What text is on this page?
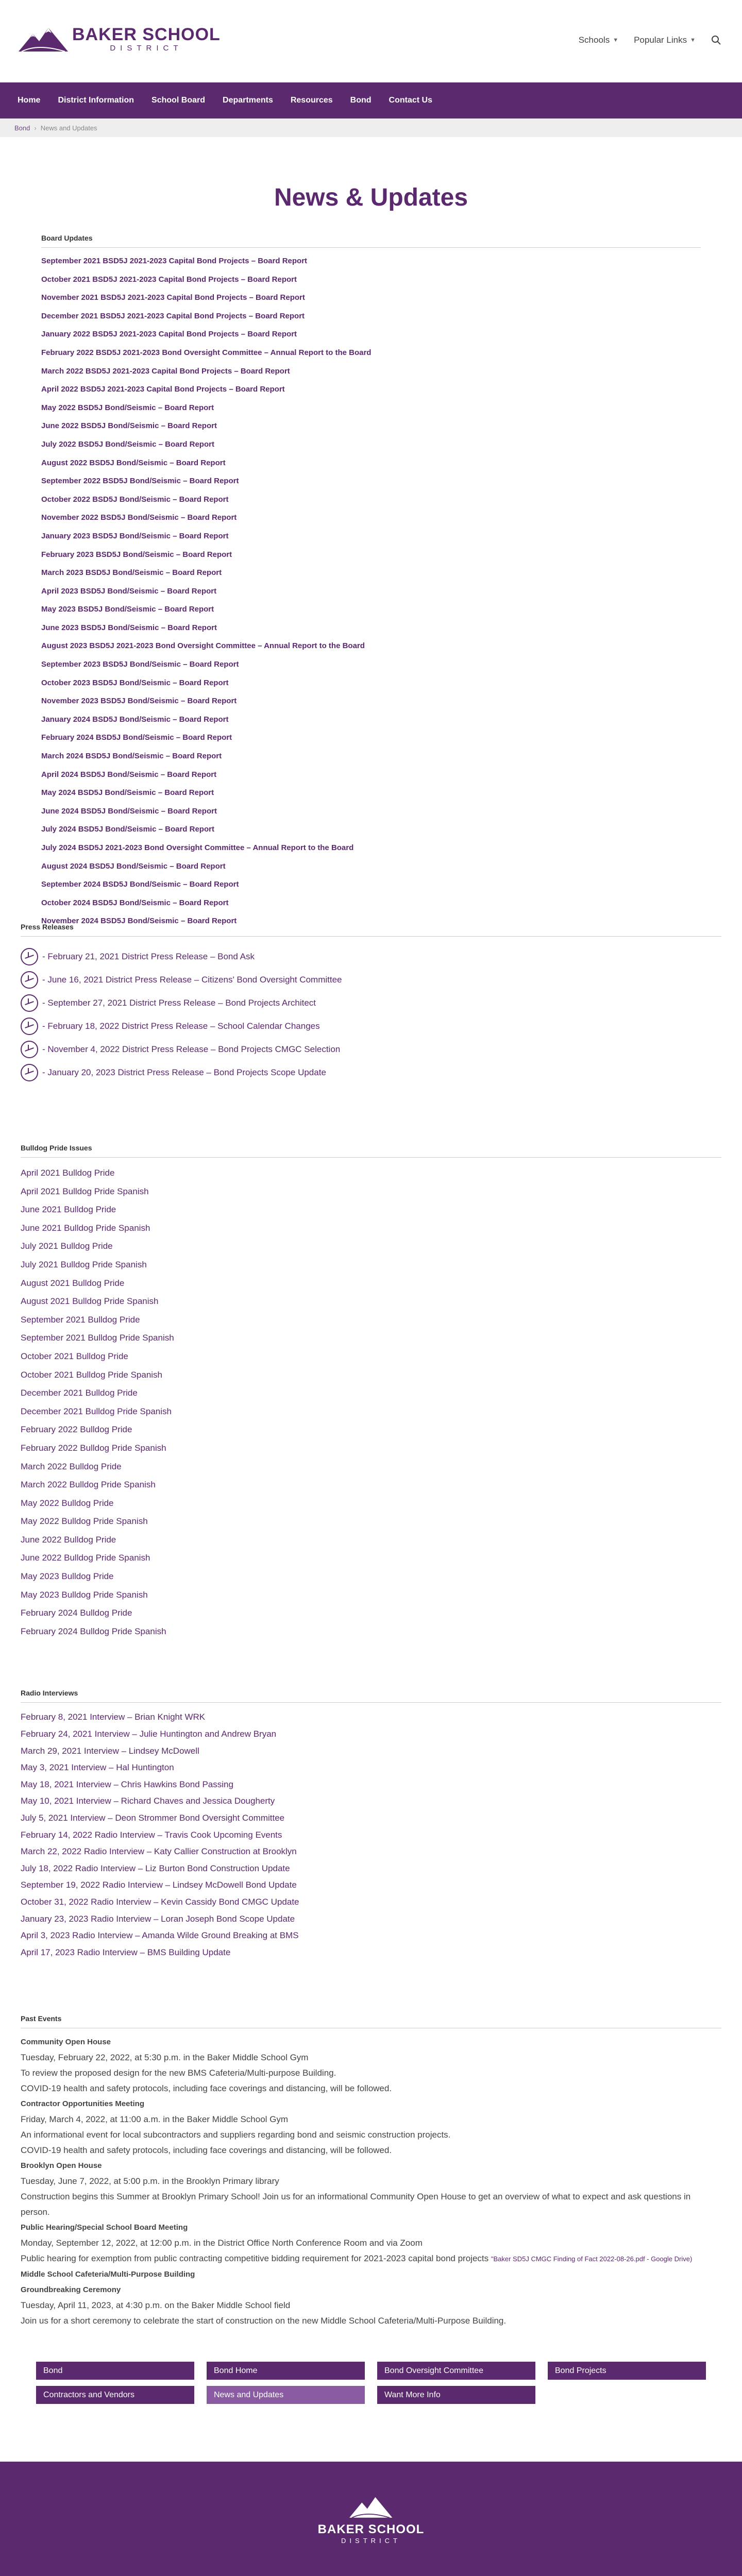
BAKER SCHOOL
DISTRICT
Schools ▼ Popular Links ▼
Home District Information School Board Departments Resources Bond Contact Us
Bond › News and Updates
News & Updates
Board Updates
September 2021 BSD5J 2021-2023 Capital Bond Projects – Board Report
October 2021 BSD5J 2021-2023 Capital Bond Projects – Board Report
November 2021 BSD5J 2021-2023 Capital Bond Projects – Board Report
December 2021 BSD5J 2021-2023 Capital Bond Projects – Board Report
January 2022 BSD5J 2021-2023 Capital Bond Projects – Board Report
February 2022 BSD5J 2021-2023 Bond Oversight Committee – Annual Report to the Board
March 2022 BSD5J 2021-2023 Capital Bond Projects – Board Report
April 2022 BSD5J 2021-2023 Capital Bond Projects – Board Report
May 2022 BSD5J Bond/Seismic – Board Report
June 2022 BSD5J Bond/Seismic – Board Report
July 2022 BSD5J Bond/Seismic – Board Report
August 2022 BSD5J Bond/Seismic – Board Report
September 2022 BSD5J Bond/Seismic – Board Report
October 2022 BSD5J Bond/Seismic – Board Report
November 2022 BSD5J Bond/Seismic – Board Report
January 2023 BSD5J Bond/Seismic – Board Report
February 2023 BSD5J Bond/Seismic – Board Report
March 2023 BSD5J Bond/Seismic – Board Report
April 2023 BSD5J Bond/Seismic – Board Report
May 2023 BSD5J Bond/Seismic – Board Report
June 2023 BSD5J Bond/Seismic – Board Report
August 2023 BSD5J 2021-2023 Bond Oversight Committee – Annual Report to the Board
September 2023 BSD5J Bond/Seismic – Board Report
October 2023 BSD5J Bond/Seismic – Board Report
November 2023 BSD5J Bond/Seismic – Board Report
January 2024 BSD5J Bond/Seismic – Board Report
February 2024 BSD5J Bond/Seismic – Board Report
March 2024 BSD5J Bond/Seismic – Board Report
April 2024 BSD5J Bond/Seismic – Board Report
May 2024 BSD5J Bond/Seismic – Board Report
June 2024 BSD5J Bond/Seismic – Board Report
July 2024 BSD5J Bond/Seismic – Board Report
July 2024 BSD5J 2021-2023 Bond Oversight Committee – Annual Report to the Board
August 2024 BSD5J Bond/Seismic – Board Report
September 2024 BSD5J Bond/Seismic – Board Report
October 2024 BSD5J Bond/Seismic – Board Report
November 2024 BSD5J Bond/Seismic – Board Report
Press Releases
- February 21, 2021 District Press Release – Bond Ask
- June 16, 2021 District Press Release – Citizens' Bond Oversight Committee
- September 27, 2021 District Press Release – Bond Projects Architect
- February 18, 2022 District Press Release – School Calendar Changes
- November 4, 2022 District Press Release – Bond Projects CMGC Selection
- January 20, 2023 District Press Release – Bond Projects Scope Update
Bulldog Pride Issues
April 2021 Bulldog Pride
April 2021 Bulldog Pride Spanish
June 2021 Bulldog Pride
June 2021 Bulldog Pride Spanish
July 2021 Bulldog Pride
July 2021 Bulldog Pride Spanish
August 2021 Bulldog Pride
August 2021 Bulldog Pride Spanish
September 2021 Bulldog Pride
September 2021 Bulldog Pride Spanish
October 2021 Bulldog Pride
October 2021 Bulldog Pride Spanish
December 2021 Bulldog Pride
December 2021 Bulldog Pride Spanish
February 2022 Bulldog Pride
February 2022 Bulldog Pride Spanish
March 2022 Bulldog Pride
March 2022 Bulldog Pride Spanish
May 2022 Bulldog Pride
May 2022 Bulldog Pride Spanish
June 2022 Bulldog Pride
June 2022 Bulldog Pride Spanish
May 2023 Bulldog Pride
May 2023 Bulldog Pride Spanish
February 2024 Bulldog Pride
February 2024 Bulldog Pride Spanish
Radio Interviews
February 8, 2021 Interview – Brian Knight WRK
February 24, 2021 Interview – Julie Huntington and Andrew Bryan
March 29, 2021 Interview – Lindsey McDowell
May 3, 2021 Interview – Hal Huntington
May 18, 2021 Interview – Chris Hawkins Bond Passing
May 10, 2021 Interview – Richard Chaves and Jessica Dougherty
July 5, 2021 Interview – Deon Strommer Bond Oversight Committee
February 14, 2022 Radio Interview – Travis Cook Upcoming Events
March 22, 2022 Radio Interview – Katy Callier Construction at Brooklyn
July 18, 2022 Radio Interview – Liz Burton Bond Construction Update
September 19, 2022 Radio Interview – Lindsey McDowell Bond Update
October 31, 2022 Radio Interview – Kevin Cassidy Bond CMGC Update
January 23, 2023 Radio Interview – Loran Joseph Bond Scope Update
April 3, 2023 Radio Interview – Amanda Wilde Ground Breaking at BMS
April 17, 2023 Radio Interview – BMS Building Update
Past Events
Community Open House
Tuesday, February 22, 2022, at 5:30 p.m. in the Baker Middle School Gym
To review the proposed design for the new BMS Cafeteria/Multi-purpose Building.
COVID-19 health and safety protocols, including face coverings and distancing, will be followed.
Contractor Opportunities Meeting
Friday, March 4, 2022, at 11:00 a.m. in the Baker Middle School Gym
An informational event for local subcontractors and suppliers regarding bond and seismic construction projects.
COVID-19 health and safety protocols, including face coverings and distancing, will be followed.
Brooklyn Open House
Tuesday, June 7, 2022, at 5:00 p.m. in the Brooklyn Primary library
Construction begins this Summer at Brooklyn Primary School! Join us for an informational Community Open House to get an overview of what to expect and ask questions in person.
Public Hearing/Special School Board Meeting
Monday, September 12, 2022, at 12:00 p.m. in the District Office North Conference Room and via Zoom
Public hearing for exemption from public contracting competitive bidding requirement for 2021-2023 capital bond projects "Baker SD5J CMGC Finding of Fact 2022-08-26.pdf - Google Drive)
Middle School Cafeteria/Multi-Purpose Building
Groundbreaking Ceremony
Tuesday, April 11, 2023, at 4:30 p.m. on the Baker Middle School field
Join us for a short ceremony to celebrate the start of construction on the new Middle School Cafeteria/Multi-Purpose Building.
Bond	Bond Home	Bond Oversight Committee	Bond Projects
Contractors and Vendors	News and Updates	Want More Info
BAKER SCHOOL
DISTRICT
